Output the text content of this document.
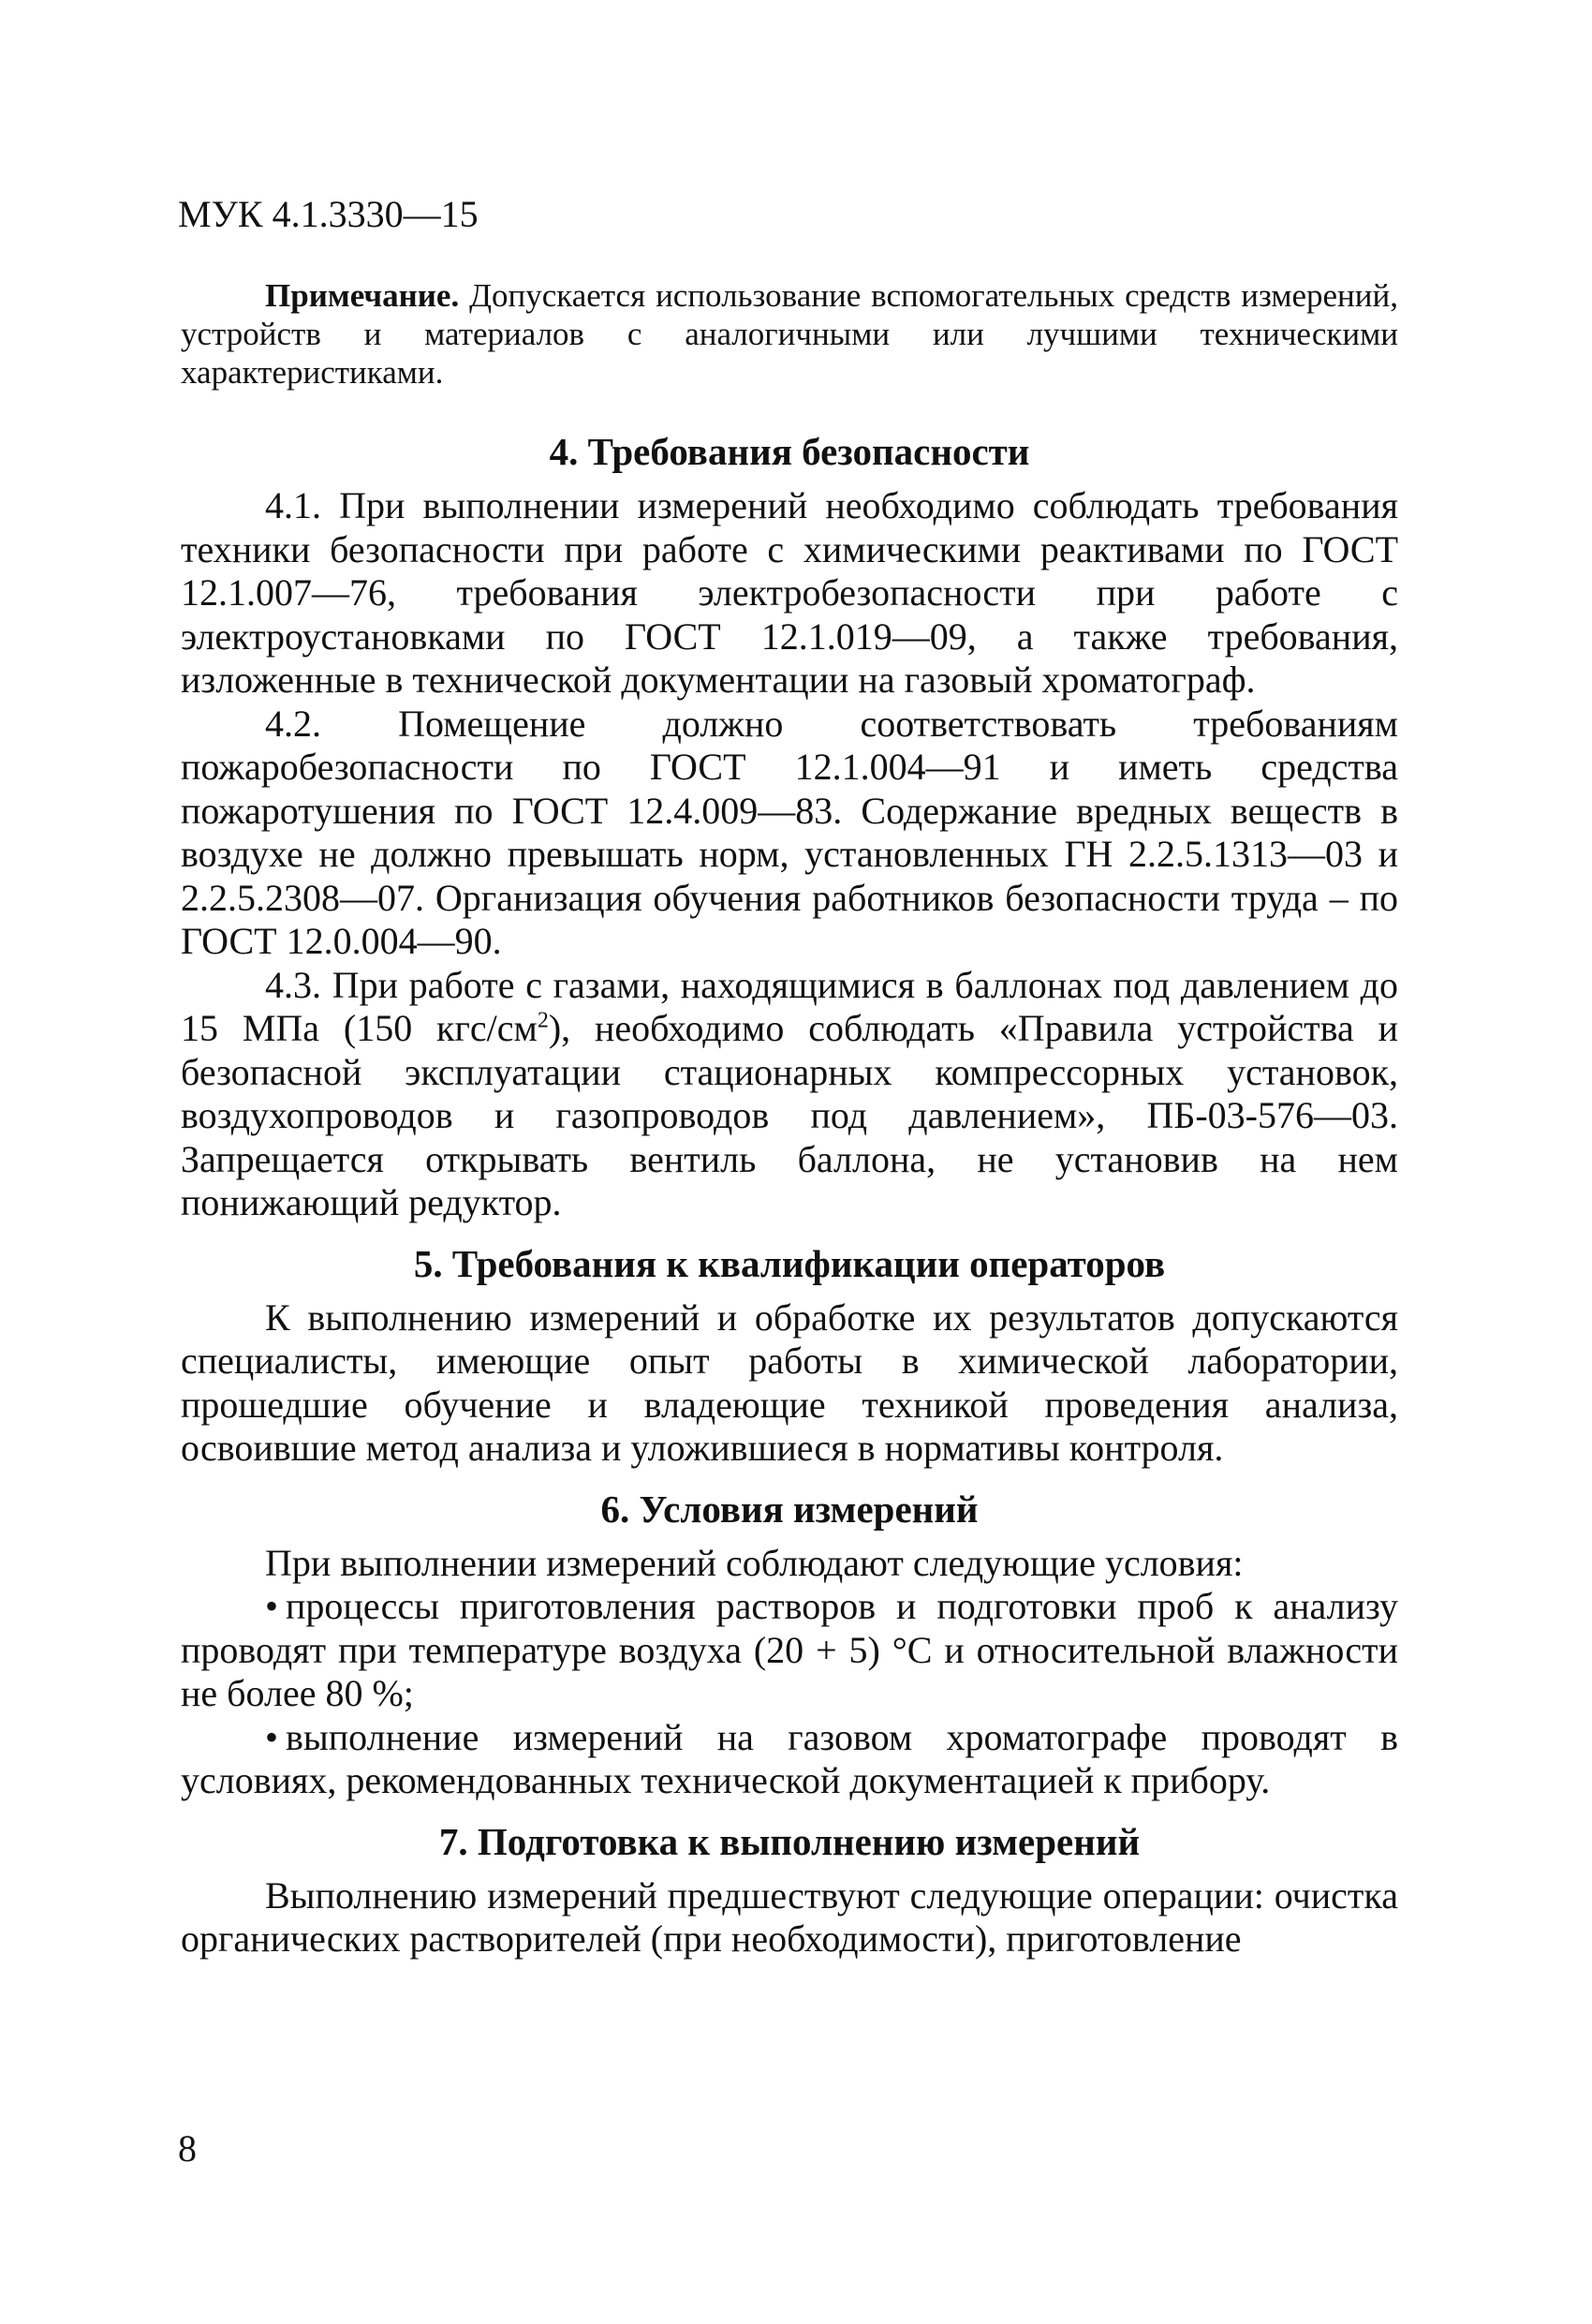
МУК 4.1.3330—15

Примечание. Допускается использование вспомогательных средств измерений, устройств и материалов с аналогичными или лучшими техническими характеристиками.

4. Требования безопасности

4.1. При выполнении измерений необходимо соблюдать требования техники безопасности при работе с химическими реактивами по ГОСТ 12.1.007—76, требования электробезопасности при работе с электроустановками по ГОСТ 12.1.019—09, а также требования, изложенные в технической документации на газовый хроматограф.

4.2. Помещение должно соответствовать требованиям пожаробезопасности по ГОСТ 12.1.004—91 и иметь средства пожаротушения по ГОСТ 12.4.009—83. Содержание вредных веществ в воздухе не должно превышать норм, установленных ГН 2.2.5.1313—03 и 2.2.5.2308—07. Организация обучения работников безопасности труда – по ГОСТ 12.0.004—90.

4.3. При работе с газами, находящимися в баллонах под давлением до 15 МПа (150 кгс/$см^2$), необходимо соблюдать «Правила устройства и безопасной эксплуатации стационарных компрессорных установок, воздухопроводов и газопроводов под давлением», ПБ-03-576—03. Запрещается открывать вентиль баллона, не установив на нем понижающий редуктор.

5. Требования к квалификации операторов

К выполнению измерений и обработке их результатов допускаются специалисты, имеющие опыт работы в химической лаборатории, прошедшие обучение и владеющие техникой проведения анализа, освоившие метод анализа и уложившиеся в нормативы контроля.

6. Условия измерений

При выполнении измерений соблюдают следующие условия:

• процессы приготовления растворов и подготовки проб к анализу проводят при температуре воздуха (20 + 5) °С и относительной влажности не более 80 %;

• выполнение измерений на газовом хроматографе проводят в условиях, рекомендованных технической документацией к прибору.

7. Подготовка к выполнению измерений

Выполнению измерений предшествуют следующие операции: очистка органических растворителей (при необходимости), приготовление

8
